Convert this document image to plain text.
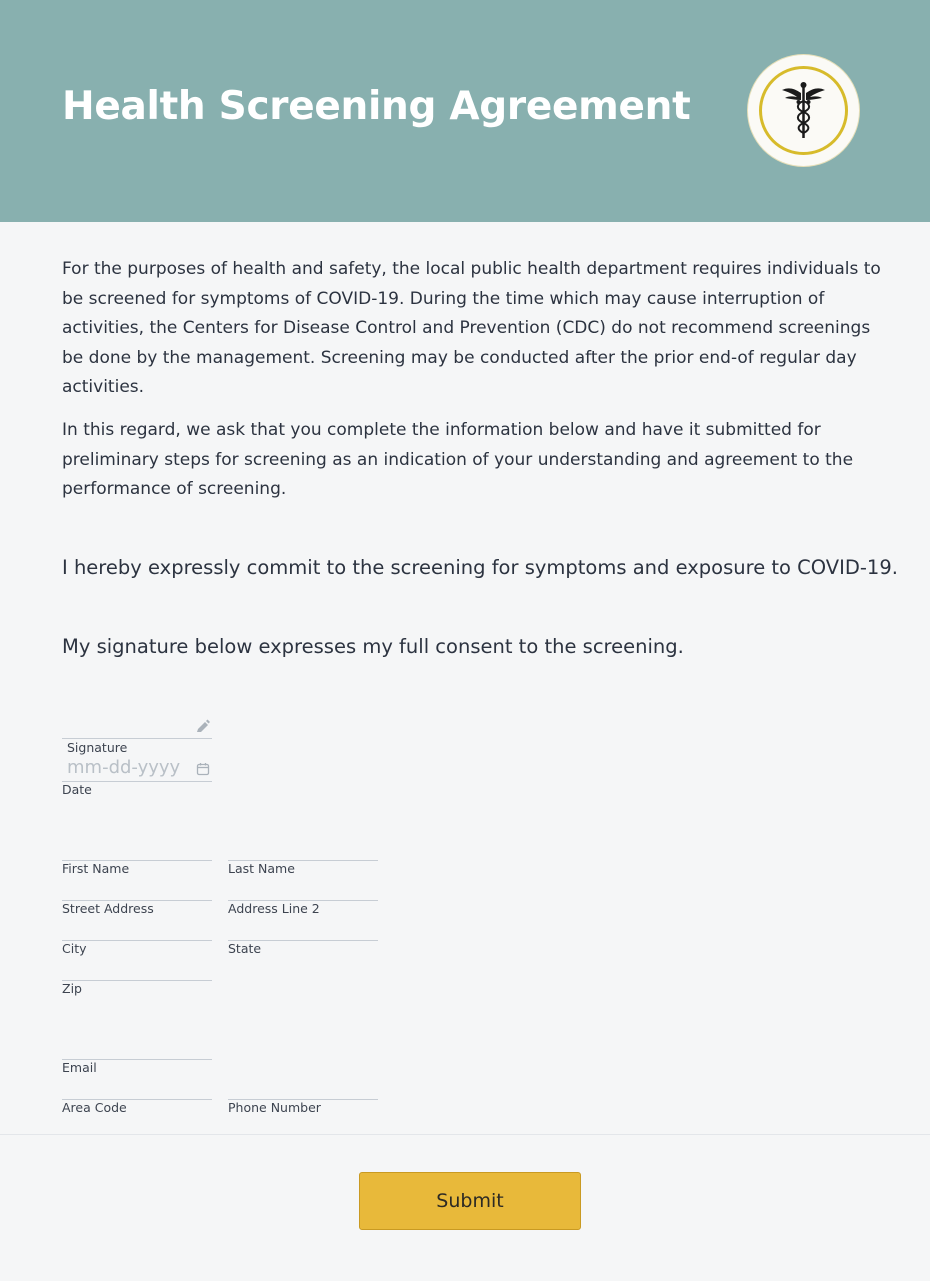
Health Screening Agreement

For the purposes of health and safety, the local public health department requires individuals to be screened for symptoms of COVID-19. During the time which may cause interruption of activities, the Centers for Disease Control and Prevention (CDC) do not recommend screenings be done by the management. Screening may be conducted after the prior end-of regular day activities.

In this regard, we ask that you complete the information below and have it submitted for preliminary steps for screening as an indication of your understanding and agreement to the performance of screening.

I hereby expressly commit to the screening for symptoms and exposure to COVID-19.
My signature below expresses my full consent to the screening.
Signature
mm-dd-yyyy
Date
First Name	Last Name
Street Address	Address Line 2
City	State
Zip
Email
Area Code	Phone Number
Submit
